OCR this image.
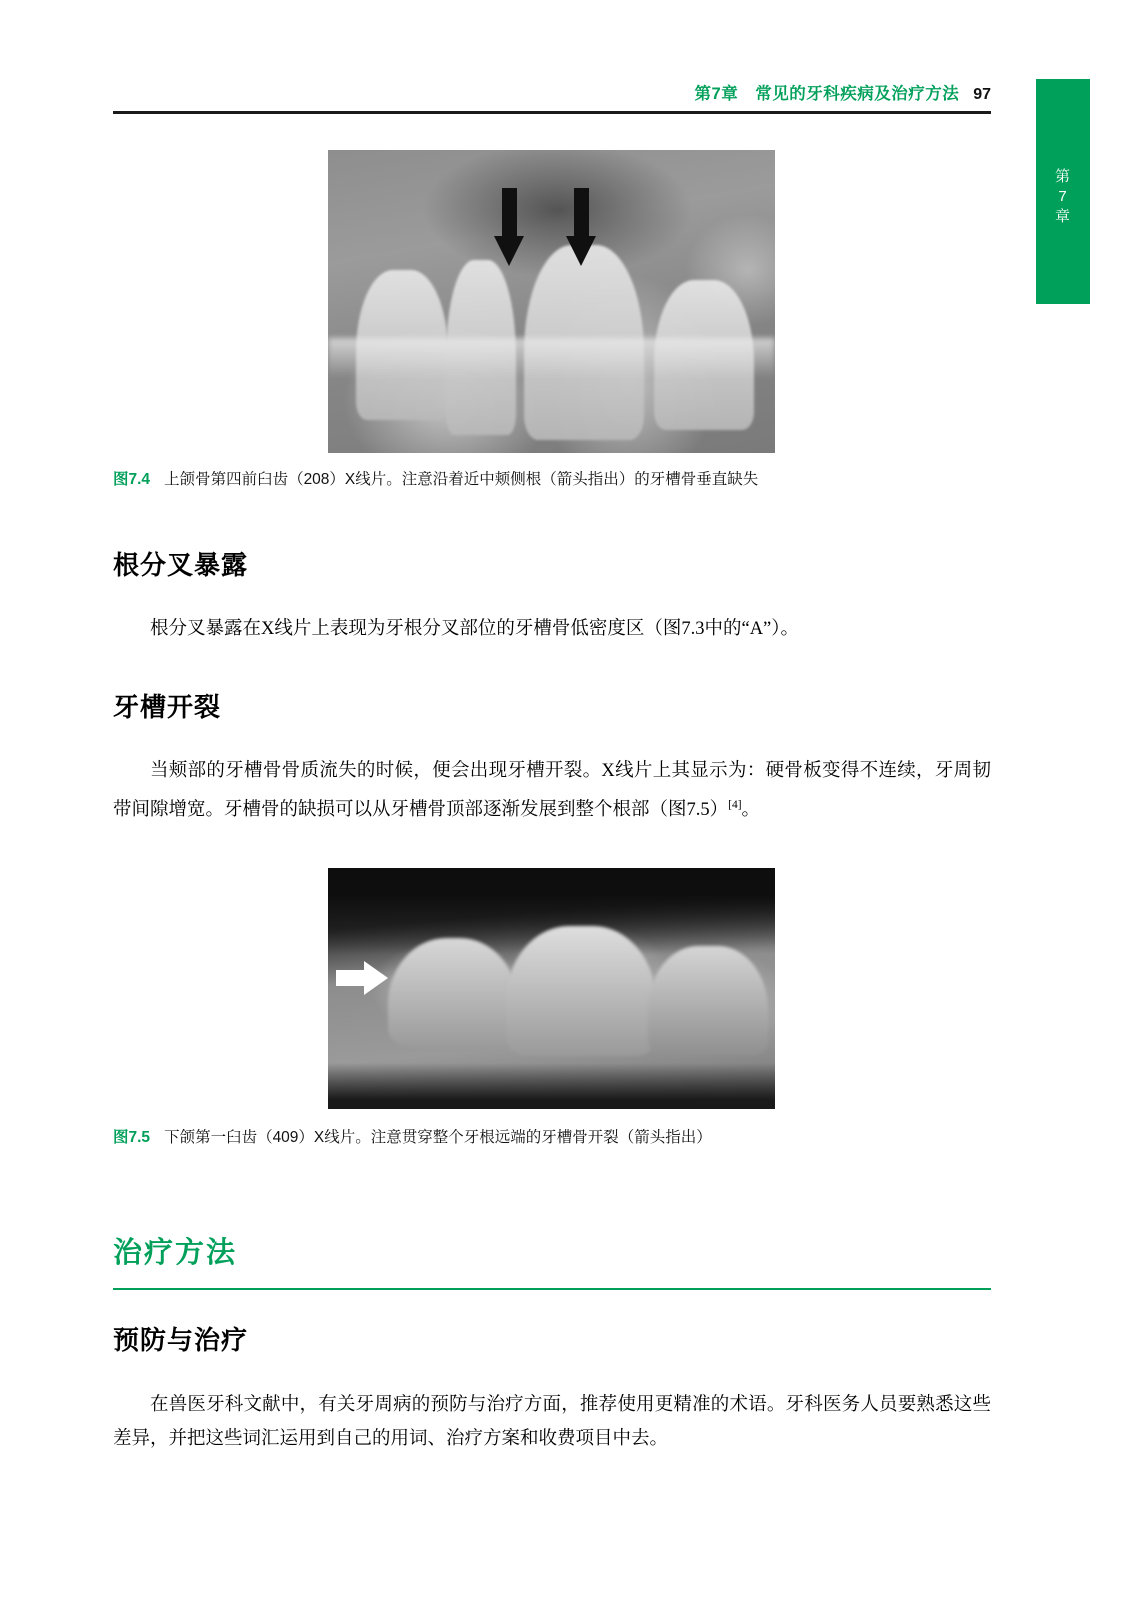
第7章　常见的牙科疾病及治疗方法 97
第
7
章
图7.4 上颌骨第四前臼齿（208）X线片。注意沿着近中颊侧根（箭头指出）的牙槽骨垂直缺失
根分叉暴露

根分叉暴露在X线片上表现为牙根分叉部位的牙槽骨低密度区（图7.3中的“A”）。

牙槽开裂

当颊部的牙槽骨骨质流失的时候，便会出现牙槽开裂。X线片上其显示为：硬骨板变得不连续，牙周韧带间隙增宽。牙槽骨的缺损可以从牙槽骨顶部逐渐发展到整个根部（图7.5）[4]。

图7.5 下颌第一臼齿（409）X线片。注意贯穿整个牙根远端的牙槽骨开裂（箭头指出）
治疗方法
预防与治疗

在兽医牙科文献中，有关牙周病的预防与治疗方面，推荐使用更精准的术语。牙科医务人员要熟悉这些差异，并把这些词汇运用到自己的用词、治疗方案和收费项目中去。
